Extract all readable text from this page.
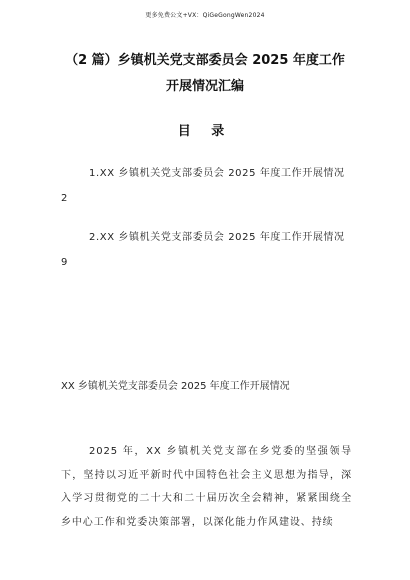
更多免费公文+VX：QiGeGongWen2024
（2 篇）乡镇机关党支部委员会 2025 年度工作开展情况汇编
目 录
1.XX 乡镇机关党支部委员会 2025 年度工作开展情况
2
2.XX 乡镇机关党支部委员会 2025 年度工作开展情况
9
XX 乡镇机关党支部委员会 2025 年度工作开展情况
2025 年，XX 乡镇机关党支部在乡党委的坚强领导下，坚持以习近平新时代中国特色社会主义思想为指导，深入学习贯彻党的二十大和二十届历次全会精神，紧紧围绕全乡中心工作和党委决策部署，以深化能力作风建设、持续
